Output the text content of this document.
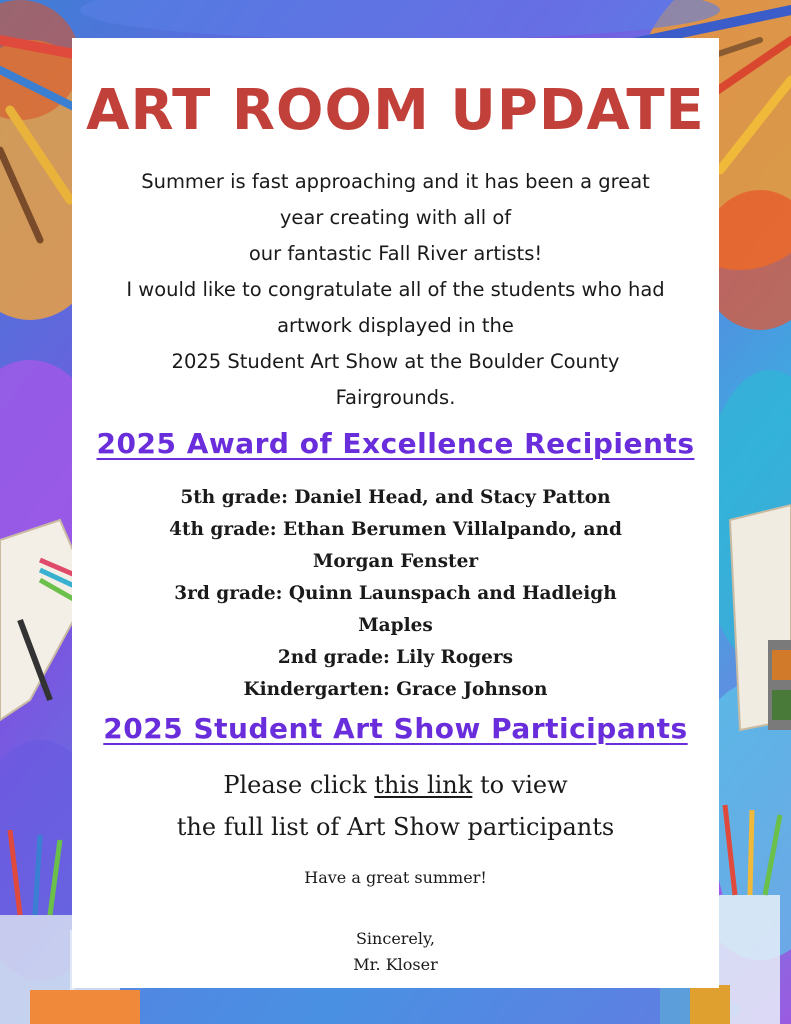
ART ROOM UPDATE

Summer is fast approaching and it has been a great

year creating with all of

our fantastic Fall River artists!

I would like to congratulate all of the students who had

artwork displayed in the

2025 Student Art Show at the Boulder County

Fairgrounds.

2025 Award of Excellence Recipients

5th grade: Daniel Head, and Stacy Patton

4th grade: Ethan Berumen Villalpando, and

Morgan Fenster

3rd grade: Quinn Launspach and Hadleigh

Maples

2nd grade: Lily Rogers

Kindergarten: Grace Johnson

2025 Student Art Show Participants

Please click this link to view

the full list of Art Show participants

Have a great summer!

Sincerely,
Mr. Kloser
